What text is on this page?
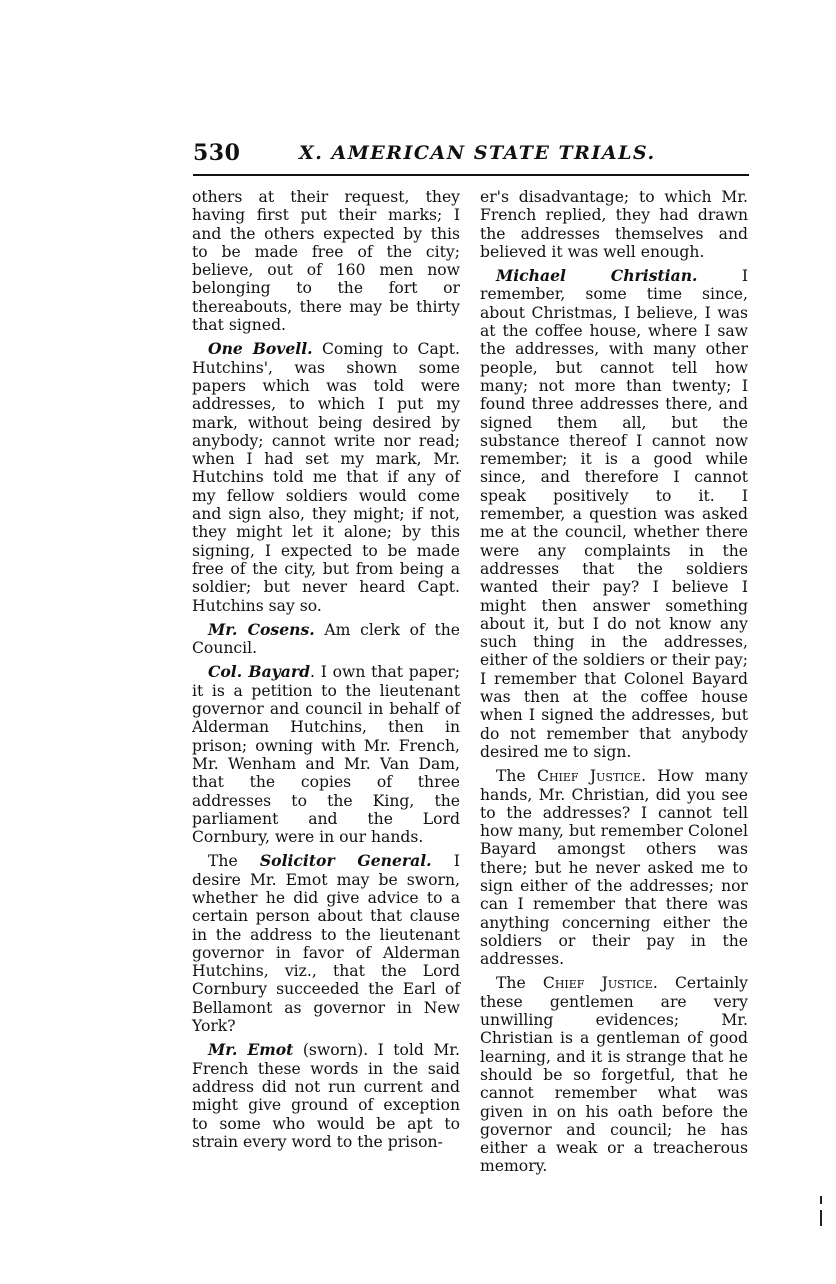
530	X. AMERICAN STATE TRIALS.

others at their request, they having first put their marks; I and the others expected by this to be made free of the city; believe, out of 160 men now belonging to the fort or thereabouts, there may be thirty that signed.

One Bovell. Coming to Capt. Hutchins', was shown some papers which was told were addresses, to which I put my mark, without being desired by anybody; cannot write nor read; when I had set my mark, Mr. Hutchins told me that if any of my fellow soldiers would come and sign also, they might; if not, they might let it alone; by this signing, I expected to be made free of the city, but from being a soldier; but never heard Capt. Hutchins say so.

Mr. Cosens. Am clerk of the Council.

Col. Bayard. I own that paper; it is a petition to the lieutenant governor and council in behalf of Alderman Hutchins, then in prison; owning with Mr. French, Mr. Wenham and Mr. Van Dam, that the copies of three addresses to the King, the parliament and the Lord Cornbury, were in our hands.

The Solicitor General. I desire Mr. Emot may be sworn, whether he did give advice to a certain person about that clause in the address to the lieutenant governor in favor of Alderman Hutchins, viz., that the Lord Cornbury succeeded the Earl of Bellamont as governor in New York?

Mr. Emot (sworn). I told Mr. French these words in the said address did not run current and might give ground of exception to some who would be apt to strain every word to the prison-

er's disadvantage; to which Mr. French replied, they had drawn the addresses themselves and believed it was well enough.

Michael Christian. I remember, some time since, about Christmas, I believe, I was at the coffee house, where I saw the addresses, with many other people, but cannot tell how many; not more than twenty; I found three addresses there, and signed them all, but the substance thereof I cannot now remember; it is a good while since, and therefore I cannot speak positively to it. I remember, a question was asked me at the council, whether there were any complaints in the addresses that the soldiers wanted their pay? I believe I might then answer something about it, but I do not know any such thing in the addresses, either of the soldiers or their pay; I remember that Colonel Bayard was then at the coffee house when I signed the addresses, but do not remember that anybody desired me to sign.

The Chief Justice. How many hands, Mr. Christian, did you see to the addresses? I cannot tell how many, but remember Colonel Bayard amongst others was there; but he never asked me to sign either of the addresses; nor can I remember that there was anything concerning either the soldiers or their pay in the addresses.

The Chief Justice. Certainly these gentlemen are very unwilling evidences; Mr. Christian is a gentleman of good learning, and it is strange that he should be so forgetful, that he cannot remember what was given in on his oath before the governor and council; he has either a weak or a treacherous memory.
